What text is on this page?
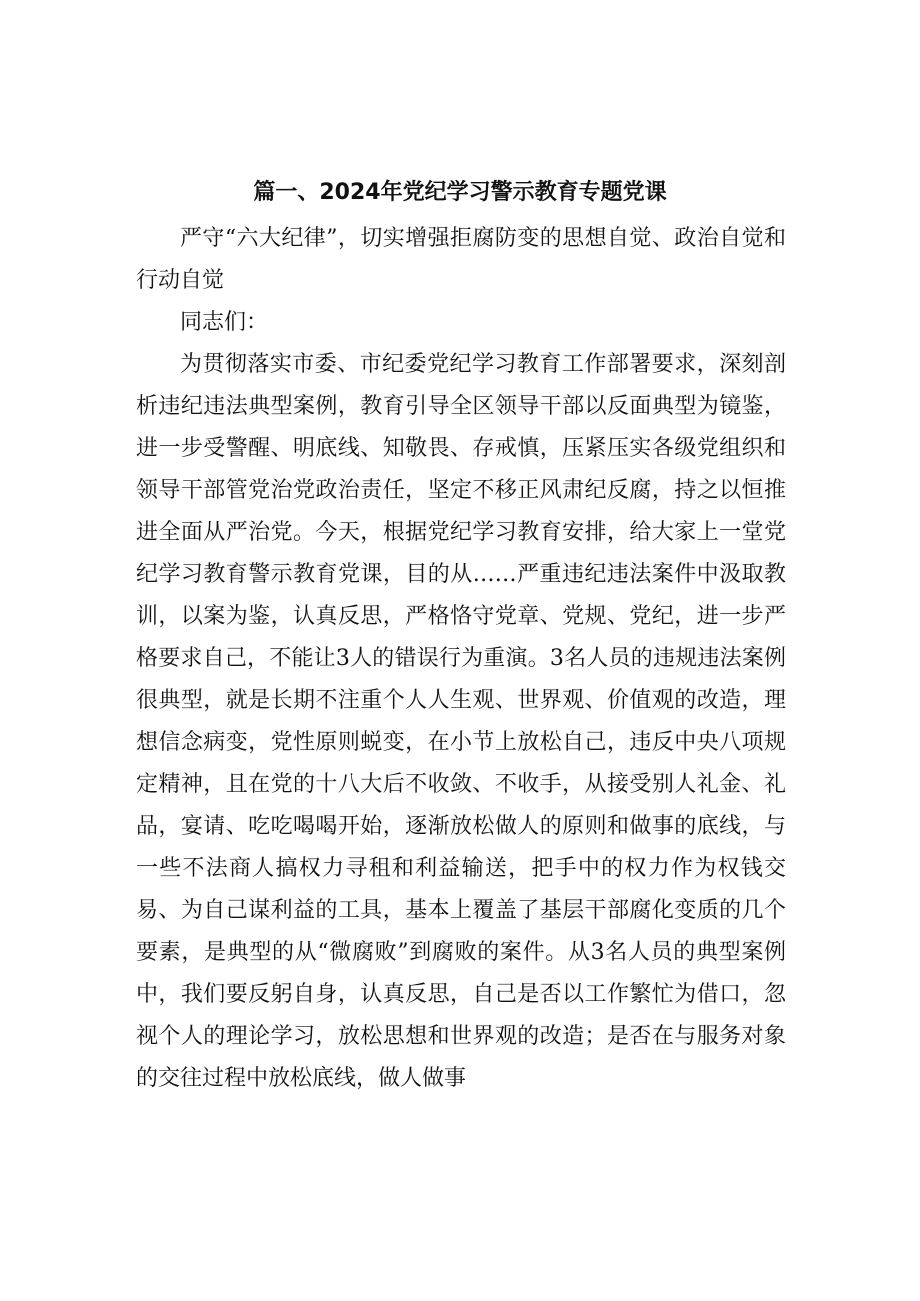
篇一、2024年党纪学习警示教育专题党课

严守“六大纪律”，切实增强拒腐防变的思想自觉、政治自觉和行动自觉

同志们：

为贯彻落实市委、市纪委党纪学习教育工作部署要求，深刻剖析违纪违法典型案例，教育引导全区领导干部以反面典型为镜鉴，进一步受警醒、明底线、知敬畏、存戒慎，压紧压实各级党组织和领导干部管党治党政治责任，坚定不移正风肃纪反腐，持之以恒推进全面从严治党。今天，根据党纪学习教育安排，给大家上一堂党纪学习教育警示教育党课，目的从……严重违纪违法案件中汲取教训，以案为鉴，认真反思，严格恪守党章、党规、党纪，进一步严格要求自己，不能让3人的错误行为重演。3名人员的违规违法案例很典型，就是长期不注重个人人生观、世界观、价值观的改造，理想信念病变，党性原则蜕变，在小节上放松自己，违反中央八项规定精神，且在党的十八大后不收敛、不收手，从接受别人礼金、礼品，宴请、吃吃喝喝开始，逐渐放松做人的原则和做事的底线，与一些不法商人搞权力寻租和利益输送，把手中的权力作为权钱交易、为自己谋利益的工具，基本上覆盖了基层干部腐化变质的几个要素，是典型的从“微腐败”到腐败的案件。从3名人员的典型案例中，我们要反躬自身，认真反思，自己是否以工作繁忙为借口，忽视个人的理论学习，放松思想和世界观的改造；是否在与服务对象的交往过程中放松底线，做人做事
